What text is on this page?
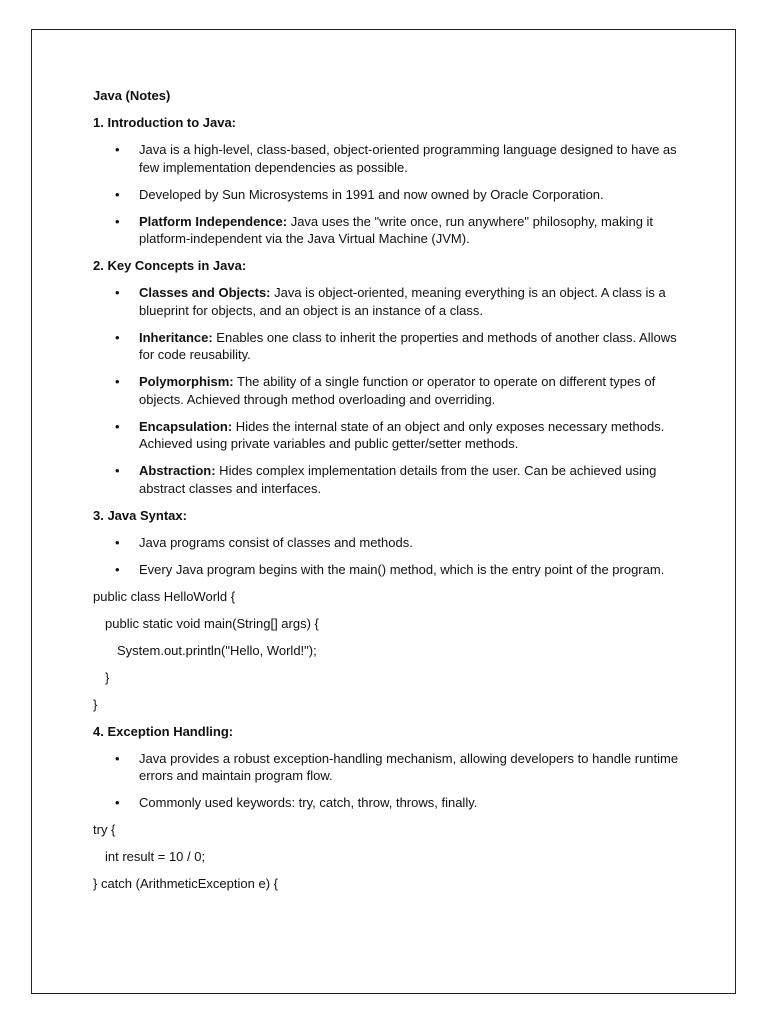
Java (Notes)
1. Introduction to Java:
• Java is a high-level, class-based, object-oriented programming language designed to have as few implementation dependencies as possible.
• Developed by Sun Microsystems in 1991 and now owned by Oracle Corporation.
• Platform Independence: Java uses the "write once, run anywhere" philosophy, making it platform-independent via the Java Virtual Machine (JVM).
2. Key Concepts in Java:
• Classes and Objects: Java is object-oriented, meaning everything is an object. A class is a blueprint for objects, and an object is an instance of a class.
• Inheritance: Enables one class to inherit the properties and methods of another class. Allows for code reusability.
• Polymorphism: The ability of a single function or operator to operate on different types of objects. Achieved through method overloading and overriding.
• Encapsulation: Hides the internal state of an object and only exposes necessary methods. Achieved using private variables and public getter/setter methods.
• Abstraction: Hides complex implementation details from the user. Can be achieved using abstract classes and interfaces.
3. Java Syntax:
• Java programs consist of classes and methods.
• Every Java program begins with the main() method, which is the entry point of the program.
public class HelloWorld {
public static void main(String[] args) {
System.out.println("Hello, World!");
}
}
4. Exception Handling:
• Java provides a robust exception-handling mechanism, allowing developers to handle runtime errors and maintain program flow.
• Commonly used keywords: try, catch, throw, throws, finally.
try {
int result = 10 / 0;
} catch (ArithmeticException e) {
